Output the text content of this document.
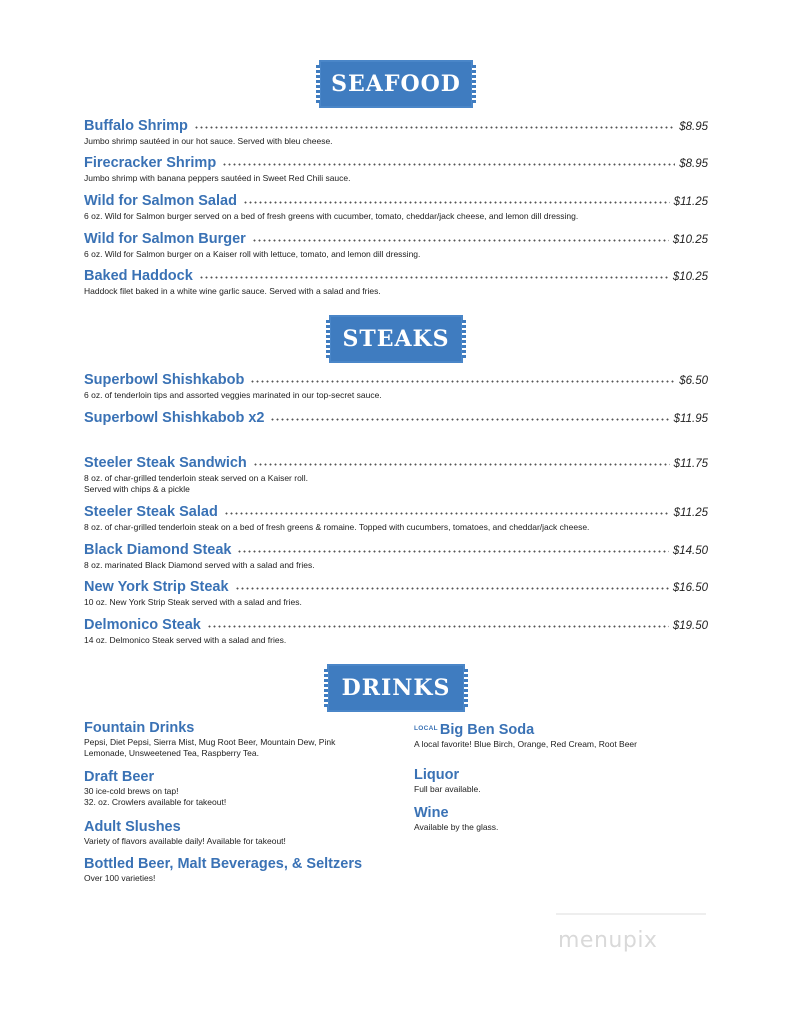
SEAFOOD
Buffalo Shrimp	$8.95
Jumbo shrimp sautéed in our hot sauce. Served with bleu cheese.
Firecracker Shrimp	$8.95
Jumbo shrimp with banana peppers sautéed in Sweet Red Chili sauce.
Wild for Salmon Salad	$11.25
6 oz. Wild for Salmon burger served on a bed of fresh greens with cucumber, tomato, cheddar/jack cheese, and lemon dill dressing.
Wild for Salmon Burger	$10.25
6 oz. Wild for Salmon burger on a Kaiser roll with lettuce, tomato, and lemon dill dressing.
Baked Haddock	$10.25
Haddock filet baked in a white wine garlic sauce. Served with a salad and fries.
STEAKS
Superbowl Shishkabob	$6.50
6 oz. of tenderloin tips and assorted veggies marinated in our top-secret sauce.
Superbowl Shishkabob x2	$11.95
Steeler Steak Sandwich	$11.75
8 oz. of char-grilled tenderloin steak served on a Kaiser roll.
Served with chips & a pickle
Steeler Steak Salad	$11.25
8 oz. of char-grilled tenderloin steak on a bed of fresh greens & romaine. Topped with cucumbers, tomatoes, and cheddar/jack cheese.
Black Diamond Steak	$14.50
8 oz. marinated Black Diamond served with a salad and fries.
New York Strip Steak	$16.50
10 oz. New York Strip Steak served with a salad and fries.
Delmonico Steak	$19.50
14 oz. Delmonico Steak served with a salad and fries.
DRINKS
Fountain Drinks
Pepsi, Diet Pepsi, Sierra Mist, Mug Root Beer, Mountain Dew, Pink
Lemonade, Unsweetened Tea, Raspberry Tea.
Draft Beer
30 ice-cold brews on tap!
32. oz. Crowlers available for takeout!
Adult Slushes
Variety of flavors available daily! Available for takeout!
Bottled Beer, Malt Beverages, & Seltzers
Over 100 varieties!
$^{LOCAL}$ Big Ben Soda
A local favorite! Blue Birch, Orange, Red Cream, Root Beer
Liquor
Full bar available.
Wine
Available by the glass.
menupix
